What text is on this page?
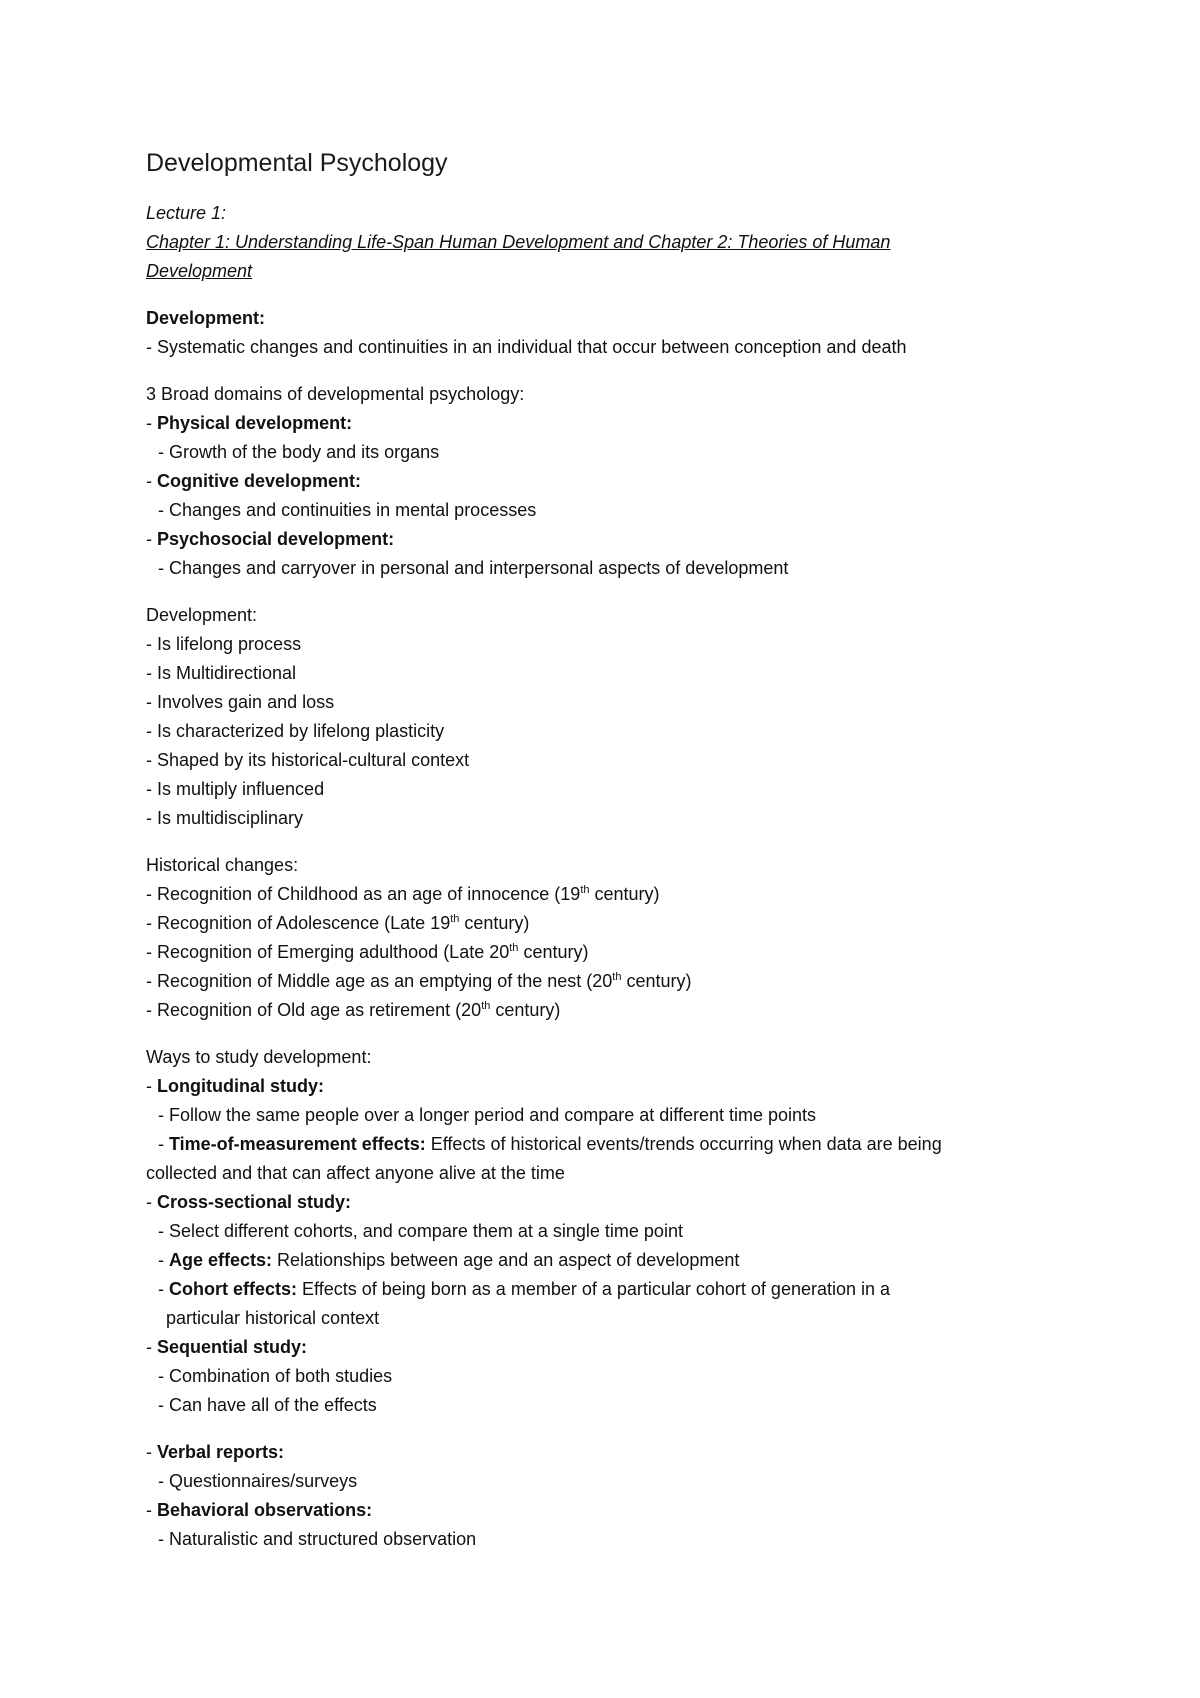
Developmental Psychology
Lecture 1:
Chapter 1: Understanding Life-Span Human Development and Chapter 2: Theories of Human
Development
Development:
- Systematic changes and continuities in an individual that occur between conception and death
3 Broad domains of developmental psychology:
- Physical development:
- Growth of the body and its organs
- Cognitive development:
- Changes and continuities in mental processes
- Psychosocial development:
- Changes and carryover in personal and interpersonal aspects of development
Development:
- Is lifelong process
- Is Multidirectional
- Involves gain and loss
- Is characterized by lifelong plasticity
- Shaped by its historical-cultural context
- Is multiply influenced
- Is multidisciplinary
Historical changes:
- Recognition of Childhood as an age of innocence (19th century)
- Recognition of Adolescence (Late 19th century)
- Recognition of Emerging adulthood (Late 20th century)
- Recognition of Middle age as an emptying of the nest (20th century)
- Recognition of Old age as retirement (20th century)
Ways to study development:
- Longitudinal study:
- Follow the same people over a longer period and compare at different time points
- Time-of-measurement effects: Effects of historical events/trends occurring when data are being
collected and that can affect anyone alive at the time
- Cross-sectional study:
- Select different cohorts, and compare them at a single time point
- Age effects: Relationships between age and an aspect of development
- Cohort effects: Effects of being born as a member of a particular cohort of generation in a
particular historical context
- Sequential study:
- Combination of both studies
- Can have all of the effects
- Verbal reports:
- Questionnaires/surveys
- Behavioral observations:
- Naturalistic and structured observation
